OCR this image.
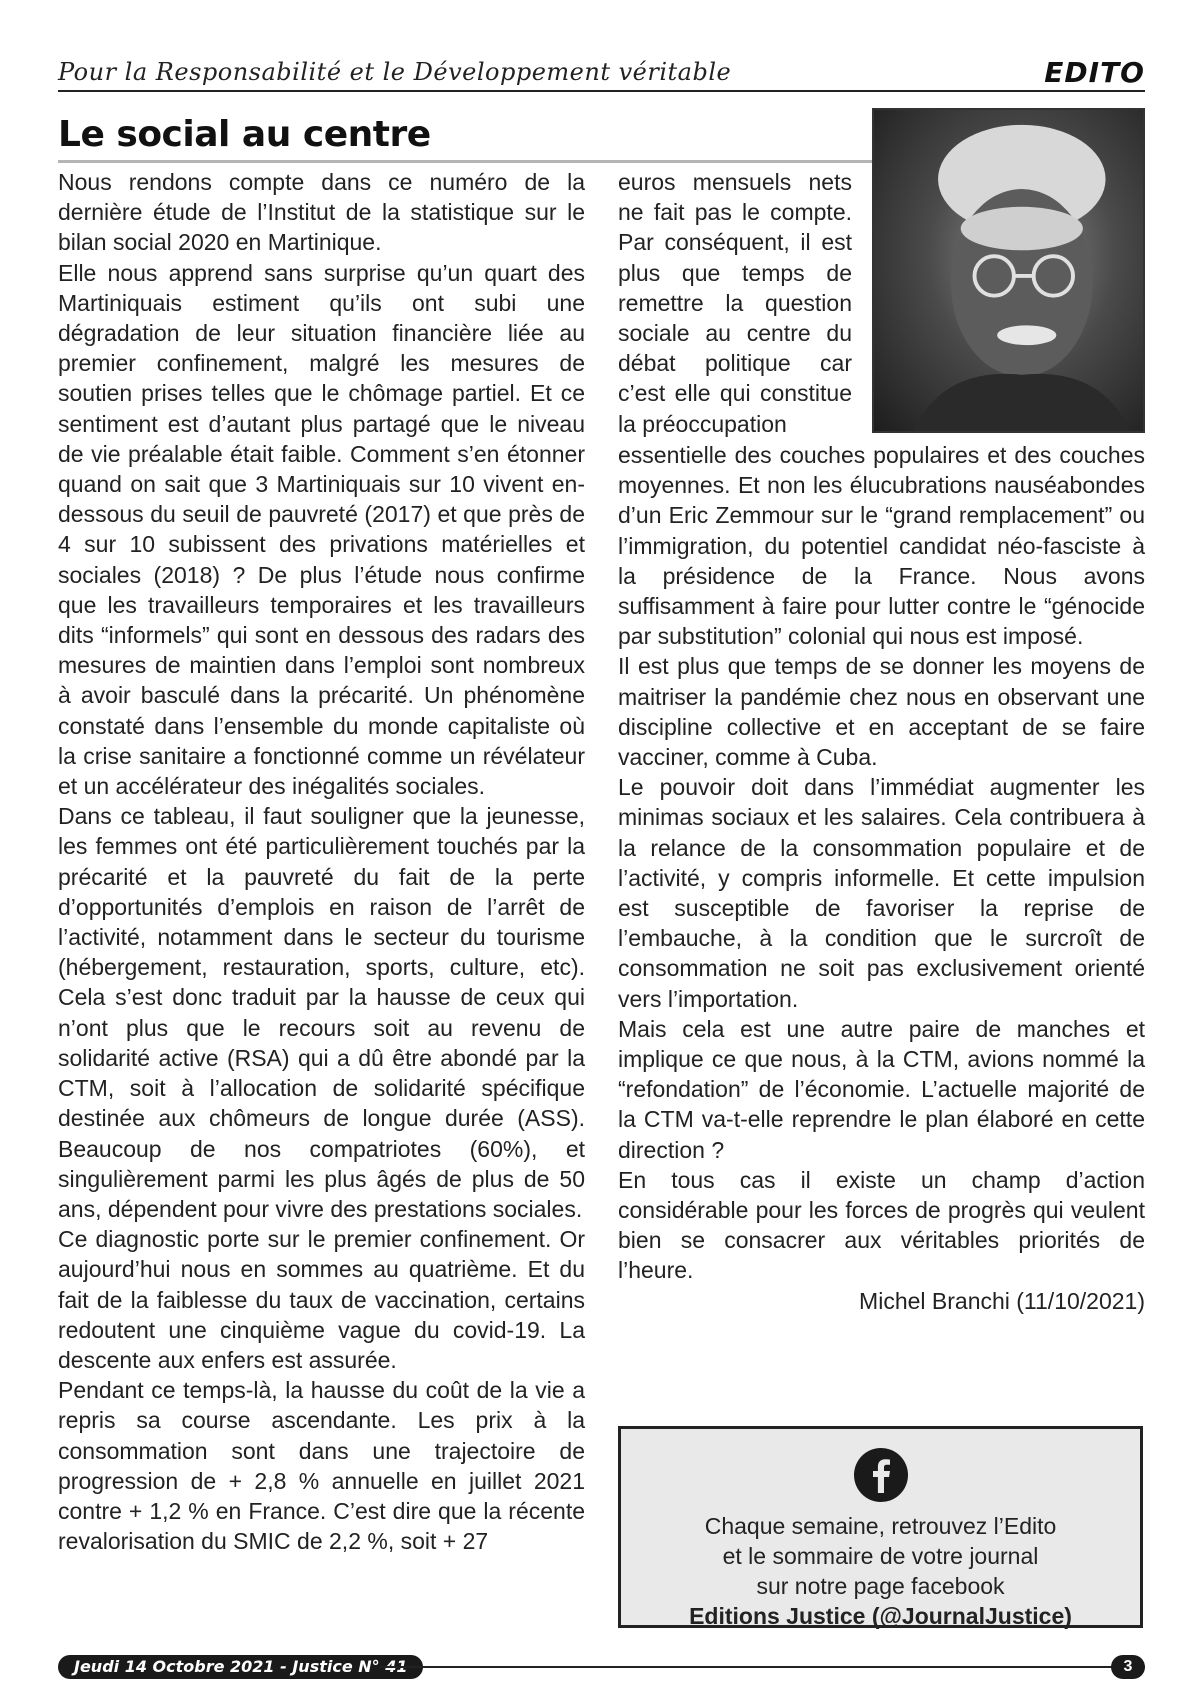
Pour la Responsabilité et le Développement véritable	EDITO
Le social au centre

Nous rendons compte dans ce numéro de la dernière étude de l’Institut de la statistique sur le bilan social 2020 en Martinique.

Elle nous apprend sans surprise qu’un quart des Martiniquais estiment qu’ils ont subi une dégradation de leur situation financière liée au premier confinement, malgré les mesures de soutien prises telles que le chômage partiel. Et ce sentiment est d’autant plus partagé que le niveau de vie préalable était faible. Comment s’en étonner quand on sait que 3 Martiniquais sur 10 vivent en-dessous du seuil de pauvreté (2017) et que près de 4 sur 10 subissent des privations matérielles et sociales (2018) ? De plus l’étude nous confirme que les travailleurs temporaires et les travailleurs dits “informels” qui sont en dessous des radars des mesures de maintien dans l’emploi sont nombreux à avoir basculé dans la précarité. Un phénomène constaté dans l’ensemble du monde capitaliste où la crise sanitaire a fonctionné comme un révélateur et un accélérateur des inégalités sociales.

Dans ce tableau, il faut souligner que la jeunesse, les femmes ont été particulièrement touchés par la précarité et la pauvreté du fait de la perte d’opportunités d’emplois en raison de l’arrêt de l’activité, notamment dans le secteur du tourisme (hébergement, restauration, sports, culture, etc). Cela s’est donc traduit par la hausse de ceux qui n’ont plus que le recours soit au revenu de solidarité active (RSA) qui a dû être abondé par la CTM, soit à l’allocation de solidarité spécifique destinée aux chômeurs de longue durée (ASS). Beaucoup de nos compatriotes (60%), et singulièrement parmi les plus âgés de plus de 50 ans, dépendent pour vivre des prestations sociales.

Ce diagnostic porte sur le premier confinement. Or aujourd’hui nous en sommes au quatrième. Et du fait de la faiblesse du taux de vaccination, certains redoutent une cinquième vague du covid-19. La descente aux enfers est assurée.

Pendant ce temps-là, la hausse du coût de la vie a repris sa course ascendante. Les prix à la consommation sont dans une trajectoire de progression de + 2,8 % annuelle en juillet 2021 contre + 1,2 % en France. C’est dire que la récente revalorisation du SMIC de 2,2 %, soit + 27

euros mensuels nets ne fait pas le compte. Par conséquent, il est plus que temps de remettre la question sociale au centre du débat politique car c’est elle qui constitue la préoccupation

essentielle des couches populaires et des couches moyennes. Et non les élucubrations nauséabondes d’un Eric Zemmour sur le “grand remplacement” ou l’immigration, du potentiel candidat néo-fasciste à la présidence de la France. Nous avons suffisamment à faire pour lutter contre le “génocide par substitution” colonial qui nous est imposé.

Il est plus que temps de se donner les moyens de maitriser la pandémie chez nous en observant une discipline collective et en acceptant de se faire vacciner, comme à Cuba.

Le pouvoir doit dans l’immédiat augmenter les minimas sociaux et les salaires. Cela contribuera à la relance de la consommation populaire et de l’activité, y compris informelle. Et cette impulsion est susceptible de favoriser la reprise de l’embauche, à la condition que le surcroît de consommation ne soit pas exclusivement orienté vers l’importation.

Mais cela est une autre paire de manches et implique ce que nous, à la CTM, avions nommé la “refondation” de l’économie. L’actuelle majorité de la CTM va-t-elle reprendre le plan élaboré en cette direction ?

En tous cas il existe un champ d’action considérable pour les forces de progrès qui veulent bien se consacrer aux véritables priorités de l’heure.

Michel Branchi (11/10/2021)

Chaque semaine, retrouvez l’Edito
et le sommaire de votre journal
sur notre page facebook
Editions Justice (@JournalJustice)
Jeudi 14 Octobre 2021 - Justice N° 41	3
